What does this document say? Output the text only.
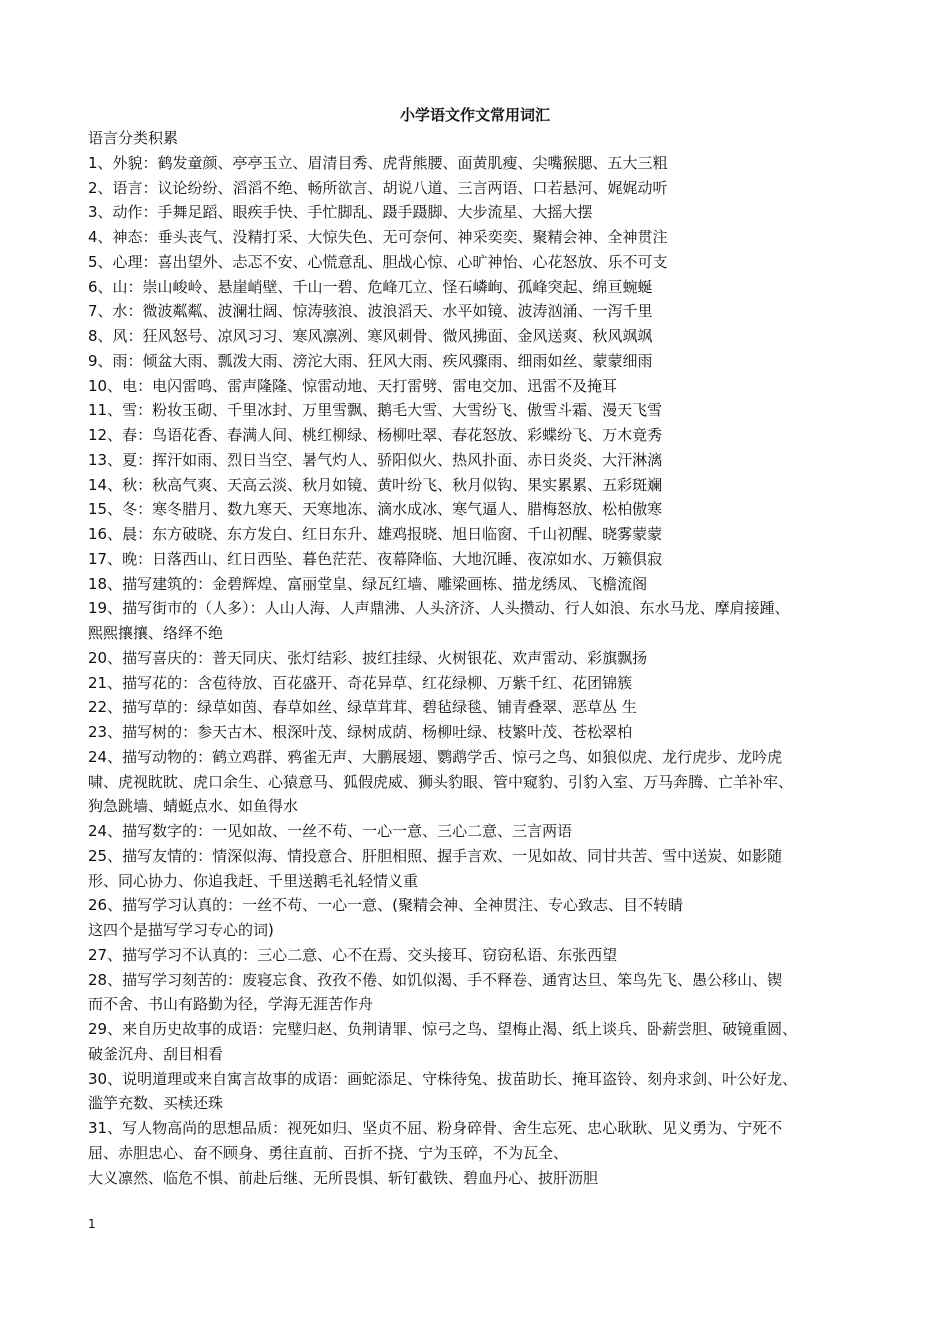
小学语文作文常用词汇
语言分类积累
1、外貌：鹤发童颜、亭亭玉立、眉清目秀、虎背熊腰、面黄肌瘦、尖嘴猴腮、五大三粗
2、语言：议论纷纷、滔滔不绝、畅所欲言、胡说八道、三言两语、口若悬河、娓娓动听
3、动作：手舞足蹈、眼疾手快、手忙脚乱、蹑手蹑脚、大步流星、大摇大摆
4、神态：垂头丧气、没精打采、大惊失色、无可奈何、神采奕奕、聚精会神、全神贯注
5、心理：喜出望外、忐忑不安、心慌意乱、胆战心惊、心旷神怡、心花怒放、乐不可支
6、山：崇山峻岭、悬崖峭壁、千山一碧、危峰兀立、怪石嶙峋、孤峰突起、绵亘蜿蜒
7、水：微波粼粼、波澜壮阔、惊涛骇浪、波浪滔天、水平如镜、波涛汹涌、一泻千里
8、风：狂风怒号、凉风习习、寒风凛冽、寒风刺骨、微风拂面、金风送爽、秋风飒飒
9、雨：倾盆大雨、瓢泼大雨、滂沱大雨、狂风大雨、疾风骤雨、细雨如丝、蒙蒙细雨
10、电：电闪雷鸣、雷声隆隆、惊雷动地、天打雷劈、雷电交加、迅雷不及掩耳
11、雪：粉妆玉砌、千里冰封、万里雪飘、鹅毛大雪、大雪纷飞、傲雪斗霜、漫天飞雪
12、春：鸟语花香、春满人间、桃红柳绿、杨柳吐翠、春花怒放、彩蝶纷飞、万木竟秀
13、夏：挥汗如雨、烈日当空、暑气灼人、骄阳似火、热风扑面、赤日炎炎、大汗淋漓
14、秋：秋高气爽、天高云淡、秋月如镜、黄叶纷飞、秋月似钩、果实累累、五彩斑斓
15、冬：寒冬腊月、数九寒天、天寒地冻、滴水成冰、寒气逼人、腊梅怒放、松柏傲寒
16、晨：东方破晓、东方发白、红日东升、雄鸡报晓、旭日临窗、千山初醒、晓雾蒙蒙
17、晚：日落西山、红日西坠、暮色茫茫、夜幕降临、大地沉睡、夜凉如水、万籁俱寂
18、描写建筑的：金碧辉煌、富丽堂皇、绿瓦红墙、雕梁画栋、描龙绣凤、飞檐流阁
19、描写街市的（人多）：人山人海、人声鼎沸、人头济济、人头攒动、行人如浪、东水马龙、摩肩接踵、
熙熙攘攘、络绎不绝
20、描写喜庆的：普天同庆、张灯结彩、披红挂绿、火树银花、欢声雷动、彩旗飘扬
21、描写花的：含苞待放、百花盛开、奇花异草、红花绿柳、万紫千红、花团锦簇
22、描写草的：绿草如茵、春草如丝、绿草茸茸、碧毡绿毯、铺青叠翠、恶草丛 生
23、描写树的：参天古木、根深叶茂、绿树成荫、杨柳吐绿、枝繁叶茂、苍松翠柏
24、描写动物的：鹤立鸡群、鸦雀无声、大鹏展翅、鹦鹉学舌、惊弓之鸟、如狼似虎、龙行虎步、龙吟虎
啸、虎视眈眈、虎口余生、心猿意马、狐假虎威、狮头豹眼、管中窥豹、引豹入室、万马奔腾、亡羊补牢、
狗急跳墙、蜻蜓点水、如鱼得水
24、描写数字的：一见如故、一丝不苟、一心一意、三心二意、三言两语
25、描写友情的：情深似海、情投意合、肝胆相照、握手言欢、一见如故、同甘共苦、雪中送炭、如影随
形、同心协力、你追我赶、千里送鹅毛礼轻情义重
26、描写学习认真的：一丝不苟、一心一意、(聚精会神、全神贯注、专心致志、目不转睛
这四个是描写学习专心的词)
27、描写学习不认真的：三心二意、心不在焉、交头接耳、窃窃私语、东张西望
28、描写学习刻苦的：废寝忘食、孜孜不倦、如饥似渴、手不释卷、通宵达旦、笨鸟先飞、愚公移山、锲
而不舍、书山有路勤为径，学海无涯苦作舟
29、来自历史故事的成语：完璧归赵、负荆请罪、惊弓之鸟、望梅止渴、纸上谈兵、卧薪尝胆、破镜重圆、
破釜沉舟、刮目相看
30、说明道理或来自寓言故事的成语：画蛇添足、守株待兔、拔苗助长、掩耳盗铃、刻舟求剑、叶公好龙、
滥竽充数、买椟还珠
31、写人物高尚的思想品质：视死如归、坚贞不屈、粉身碎骨、舍生忘死、忠心耿耿、见义勇为、宁死不
屈、赤胆忠心、奋不顾身、勇往直前、百折不挠、宁为玉碎，不为瓦全、
大义凛然、临危不惧、前赴后继、无所畏惧、斩钉截铁、碧血丹心、披肝沥胆
1
